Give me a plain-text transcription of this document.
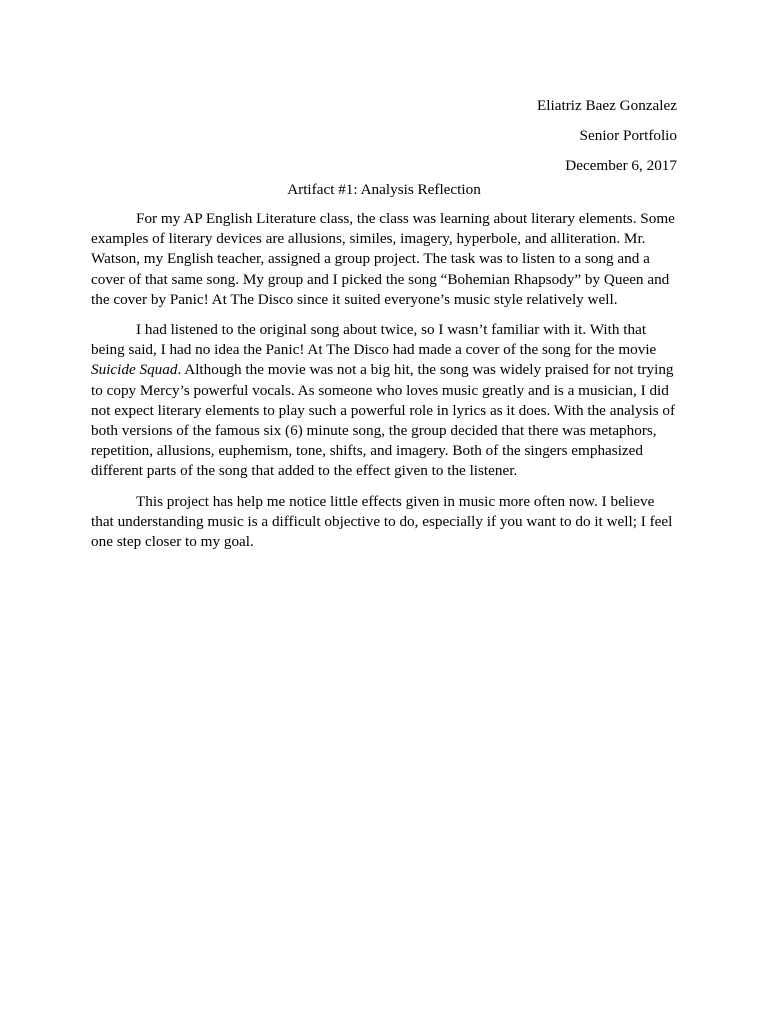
Eliatriz Baez Gonzalez
Senior Portfolio
December 6, 2017
Artifact #1: Analysis Reflection
For my AP English Literature class, the class was learning about literary elements. Some
examples of literary devices are allusions, similes, imagery, hyperbole, and alliteration. Mr.
Watson, my English teacher, assigned a group project. The task was to listen to a song and a
cover of that same song. My group and I picked the song “Bohemian Rhapsody” by Queen and
the cover by Panic! At The Disco since it suited everyone’s music style relatively well.
I had listened to the original song about twice, so I wasn’t familiar with it. With that
being said, I had no idea the Panic! At The Disco had made a cover of the song for the movie
Suicide Squad. Although the movie was not a big hit, the song was widely praised for not trying
to copy Mercy’s powerful vocals. As someone who loves music greatly and is a musician, I did
not expect literary elements to play such a powerful role in lyrics as it does. With the analysis of
both versions of the famous six (6) minute song, the group decided that there was metaphors,
repetition, allusions, euphemism, tone, shifts, and imagery. Both of the singers emphasized
different parts of the song that added to the effect given to the listener.
This project has help me notice little effects given in music more often now. I believe
that understanding music is a difficult objective to do, especially if you want to do it well; I feel
one step closer to my goal.
